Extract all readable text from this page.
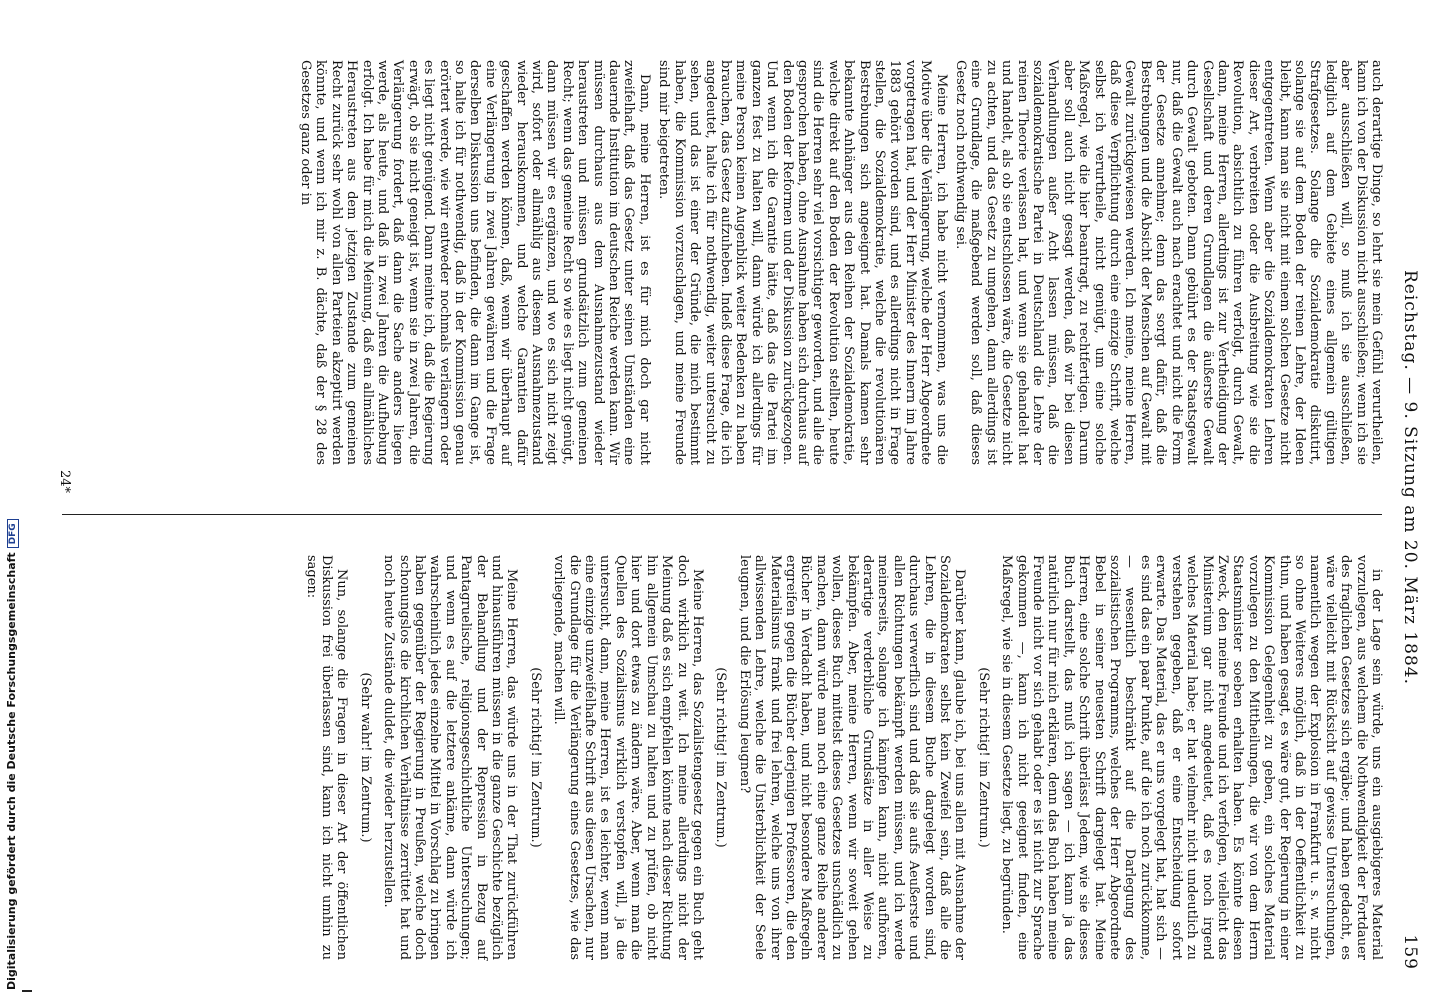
Reichstag. — 9. Sitzung am 20. März 1884.
159

in der Lage sein würde, uns ein ausgiebigeres Material vorzulegen, aus welchem die Nothwendigkeit der Fortdauer des fraglichen Gesetzes sich ergäbe; und haben gedacht, es wäre vielleicht mit Rücksicht auf gewisse Untersuchungen, namentlich wegen der Explosion in Frankfurt u. s. w. nicht so ohne Weiteres möglich, daß in der Oeffentlichkeit zu thun, und haben gesagt, es wäre gut, der Regierung in einer Kommission Gelegenheit zu geben, ein solches Material vorzulegen zu den Mittheilungen, die wir von dem Herrn Staatsminister soeben erhalten haben. Es könnte diesen Zweck, den meine Freunde und ich verfolgen, vielleicht das Ministerium gar nicht angedeutet, daß es noch irgend welches Material habe; er hat vielmehr nicht undeutlich zu verstehen gegeben, daß er eine Entscheidung sofort erwarte. Das Material, das er uns vorgelegt hat, hat sich — es sind das ein paar Punkte, auf die ich noch zurückkomme, — wesentlich beschränkt auf die Darlegung des sozialistischen Programms, welches der Herr Abgeordnete Bebel in seiner neuesten Schrift dargelegt hat. Meine Herren, eine solche Schrift überlässt Jedem, wie sie dieses Buch darstellt, das muß ich sagen — ich kann ja das natürlich nur für mich erklären, denn das Buch haben meine Freunde nicht vor sich gehabt oder es ist nicht zur Sprache gekommen —, kann ich nicht geeignet finden, eine Maßregel, wie sie in diesem Gesetze liegt, zu begründen.

(Sehr richtig! im Zentrum.)

Darüber kann, glaube ich, bei uns allen mit Ausnahme der Sozialdemokraten selbst kein Zweifel sein, daß alle die Lehren, die in diesem Buche dargelegt worden sind, durchaus verwerflich sind und daß sie aufs Aeußerste und allen Richtungen bekämpft werden müssen, und ich werde meinerseits, solange ich kämpfen kann, nicht aufhören, derartige verderbliche Grundsätze in aller Weise zu bekämpfen. Aber, meine Herren, wenn wir soweit gehen wollen, dieses Buch mittelst dieses Gesetzes unschädlich zu machen, dann würde man noch eine ganze Reihe anderer Bücher in Verdacht haben, und nicht besondere Maßregeln ergreifen gegen die Bücher derjenigen Professoren, die den Materialismus frank und frei lehren, welche uns von ihrer allwissenden Lehre, welche die Unsterblichkeit der Seele leugnen, und die Erlösung leugnen?

(Sehr richtig! im Zentrum.)

Meine Herren, das Sozialistengesetz gegen ein Buch geht doch wirklich zu weit. Ich meine allerdings nicht der Meinung daß es sich empfehlen könnte nach dieser Richtung hin allgemein Umschau zu halten und zu prüfen, ob nicht hier und dort etwas zu ändern wäre. Aber, wenn man die Quellen des Sozialismus wirklich verstopfen will, ja die untersucht, dann, meine Herren, ist es leichter, wenn man eine einzige unzweifelhafte Schrift aus diesen Ursachen, nur die Grundlage für die Verlängerung eines Gesetzes, wie das vorliegende, machen will.

(Sehr richtig! im Zentrum.)

Meine Herren, das würde uns in der That zurückführen und hinausführen müssen in die ganze Geschichte bezüglich der Behandlung und der Repression in Bezug auf Pantagruelische, religionsgeschichtliche Untersuchungen; und wenn es auf die letztere ankäme, dann würde ich wahrscheinlich jedes einzelne Mittel in Vorschlag zu bringen haben gegenüber der Regierung in Preußen, welche doch schonungslos die kirchlichen Verhältnisse zerrüttet hat und noch heute Zustände duldet, die wieder herzustellen.

(Sehr wahr! im Zentrum.)

Nun, solange die Fragen in dieser Art der öffentlichen Diskussion frei überlassen sind, kann ich nicht umhin zu sagen:

auch derartige Dinge, so lehrt sie mein Gefühl verurtheilen, kann ich von der Diskussion nicht ausschließen; wenn ich sie aber ausschließen will, so muß ich sie ausschließen, lediglich auf dem Gebiete eines allgemein gültigen Strafgesetzes. Solange die Sozialdemokratie diskutirt, solange sie auf dem Boden der reinen Lehre, der Ideen bleibt, kann man sie nicht mit einem solchen Gesetze nicht entgegentreten. Wenn aber die Sozialdemokraten Lehren dieser Art, verbreiten oder die Ausbreitung wie sie die Revolution, absichtlich zu führen verfolgt, durch Gewalt, dann, meine Herren, allerdings ist zur Vertheidigung der Gesellschaft und deren Grundlagen die äußerste Gewalt durch Gewalt geboten. Dann gebührt es der Staatsgewalt nur, daß die Gewalt auch nach erachtet und nicht die Form der Gesetze annehme; denn das sorgt dafür, daß die Bestrebungen und die Absicht der Menschen auf Gewalt mit Gewalt zurückgewiesen werden. Ich meine, meine Herren, daß diese Verpflichtung durch eine einzige Schrift, welche selbst ich verurtheile, nicht genügt, um eine solche Maßregel, wie die hier beantragt, zu rechtfertigen. Darum aber soll auch nicht gesagt werden, daß wir bei diesen Verhandlungen außer Acht lassen müssen, daß die sozialdemokratische Partei in Deutschland die Lehre der reinen Theorie verlassen hat, und wenn sie gehandelt hat und handelt, als ob sie entschlossen wäre, die Gesetze nicht zu achten, und das Gesetz zu umgehen, dann allerdings ist eine Grundlage, die maßgebend werden soll, daß dieses Gesetz noch nothwendig sei.

Meine Herren, ich habe nicht vernommen, was uns die Motive über die Verlängerung, welche der Herr Abgeordnete vorgetragen hat, und der Herr Minister des Innern im Jahre 1883 gehört worden sind, und es allerdings nicht in Frage stellen, die Sozialdemokratie, welche die revolutionären Bestrebungen sich angeeignet hat. Damals kamen sehr bekannte Anhänger aus den Reihen der Sozialdemokratie, welche direkt auf den Boden der Revolution stellten, heute sind die Herren sehr viel vorsichtiger geworden, und alle die gesprochen haben, ohne Ausnahme haben sich durchaus auf den Boden der Reformen und der Diskussion zurückgezogen. Und wenn ich die Garantie hätte, daß das die Partei im ganzen fest zu halten will, dann würde ich allerdings für meine Person keinen Augenblick weiter Bedenken zu haben brauchen, das Gesetz aufzuheben. Indeß diese Frage, die ich angedeutet, halte ich für nothwendig, weiter untersucht zu sehen, und das ist einer der Gründe, die mich bestimmt haben, die Kommission vorzuschlagen, und meine Freunde sind mir beigetreten.

Dann, meine Herren, ist es für mich doch gar nicht zweifelhaft, daß das Gesetz unter seinen Umständen eine dauernde Institution im deutschen Reiche werden kann. Wir müssen durchaus aus dem Ausnahmezustand wieder heraustreten und müssen grundsätzlich zum gemeinen Recht; wenn das gemeine Recht so wie es liegt nicht genügt, dann müssen wir es ergänzen, und wo es sich nicht zeigt wird, sofort oder allmählig aus diesem Ausnahmezustand wieder herauskommen, und welche Garantien dafür geschaffen werden können, daß, wenn wir überhaupt auf eine Verlängerung in zwei Jahren gewähren und die Frage derselben Diskussion uns befinden, die dann im Gange ist, so halte ich für nothwendig, daß in der Kommission genau erörtert werde, wie wir entweder nochmals verlängern oder es liegt nicht genügend. Dann meinte ich, daß die Regierung erwägt, ob sie nicht geneigt ist, wenn sie in zwei Jahren, die Verlängerung fordert, daß dann die Sache anders liegen werde, als heute, und daß in zwei Jahren die Aufhebung erfolgt. Ich habe für mich die Meinung, daß ein allmähliches Heraustreten aus dem jetzigen Zustande zum gemeinen Recht zurück sehr wohl von allen Parteien akzeptirt werden könnte, und wenn ich mir z. B. dächte, daß der § 28 des Gesetzes ganz oder in

24*
Digitalisierung gefördert durch die Deutsche ForschungsgemeinschaftDFG
